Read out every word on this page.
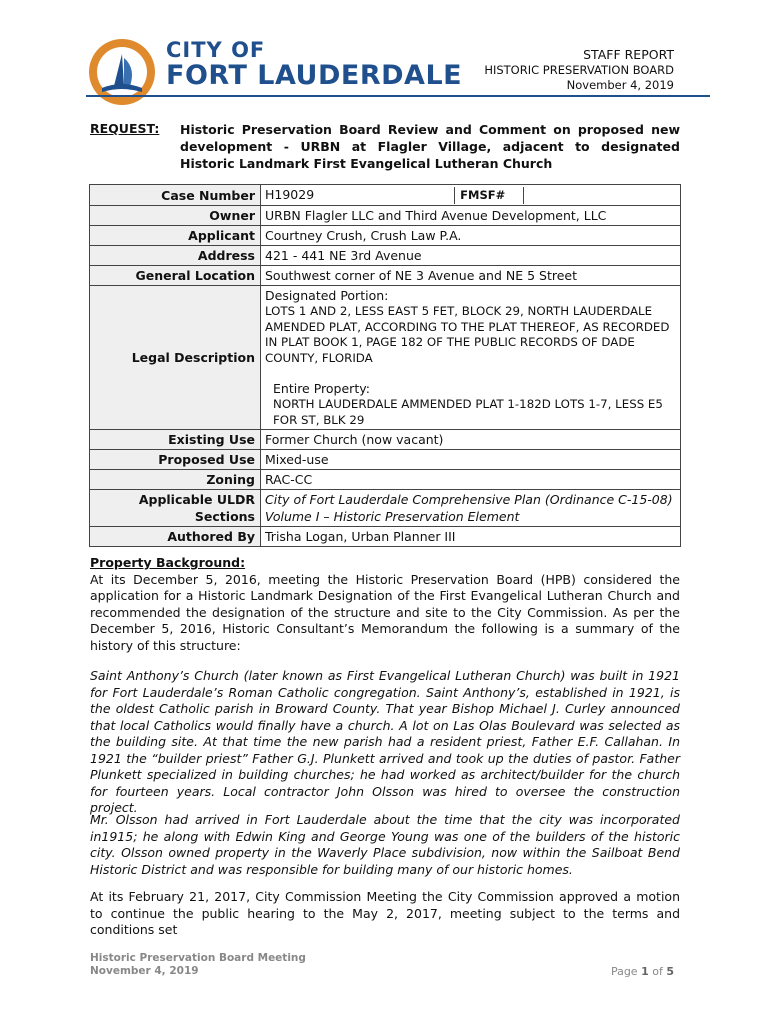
CITY OF
FORT LAUDERDALE
STAFF REPORT
HISTORIC PRESERVATION BOARD
November 4, 2019
REQUEST: Historic Preservation Board Review and Comment on proposed new development - URBN at Flagler Village, adjacent to designated Historic Landmark First Evangelical Lutheran Church
Case Number	H19029 FMSF#
Owner	URBN Flagler LLC and Third Avenue Development, LLC
Applicant	Courtney Crush, Crush Law P.A.
Address	421 - 441 NE 3rd Avenue
General Location	Southwest corner of NE 3 Avenue and NE 5 Street
Legal Description	Designated Portion:
LOTS 1 AND 2, LESS EAST 5 FET, BLOCK 29, NORTH LAUDERDALE AMENDED PLAT, ACCORDING TO THE PLAT THEREOF, AS RECORDED IN PLAT BOOK 1, PAGE 182 OF THE PUBLIC RECORDS OF DADE COUNTY, FLORIDA
Entire Property:
NORTH LAUDERDALE AMMENDED PLAT 1-182D LOTS 1-7, LESS E5 FOR ST, BLK 29

Existing Use	Former Church (now vacant)
Proposed Use	Mixed-use
Zoning	RAC-CC
Applicable ULDR Sections	City of Fort Lauderdale Comprehensive Plan (Ordinance C-15-08)
Volume I – Historic Preservation Element

Authored By	Trisha Logan, Urban Planner III
Property Background:
At its December 5, 2016, meeting the Historic Preservation Board (HPB) considered the application for a Historic Landmark Designation of the First Evangelical Lutheran Church and recommended the designation of the structure and site to the City Commission. As per the December 5, 2016, Historic Consultant’s Memorandum the following is a summary of the history of this structure:
Saint Anthony’s Church (later known as First Evangelical Lutheran Church) was built in 1921 for Fort Lauderdale’s Roman Catholic congregation. Saint Anthony’s, established in 1921, is the oldest Catholic parish in Broward County. That year Bishop Michael J. Curley announced that local Catholics would finally have a church. A lot on Las Olas Boulevard was selected as the building site. At that time the new parish had a resident priest, Father E.F. Callahan. In 1921 the “builder priest” Father G.J. Plunkett arrived and took up the duties of pastor. Father Plunkett specialized in building churches; he had worked as architect/builder for the church for fourteen years. Local contractor John Olsson was hired to oversee the construction project.
Mr. Olsson had arrived in Fort Lauderdale about the time that the city was incorporated in1915; he along with Edwin King and George Young was one of the builders of the historic city. Olsson owned property in the Waverly Place subdivision, now within the Sailboat Bend Historic District and was responsible for building many of our historic homes.
At its February 21, 2017, City Commission Meeting the City Commission approved a motion to continue the public hearing to the May 2, 2017, meeting subject to the terms and conditions set
Historic Preservation Board Meeting
November 4, 2019	Page 1 of 5
